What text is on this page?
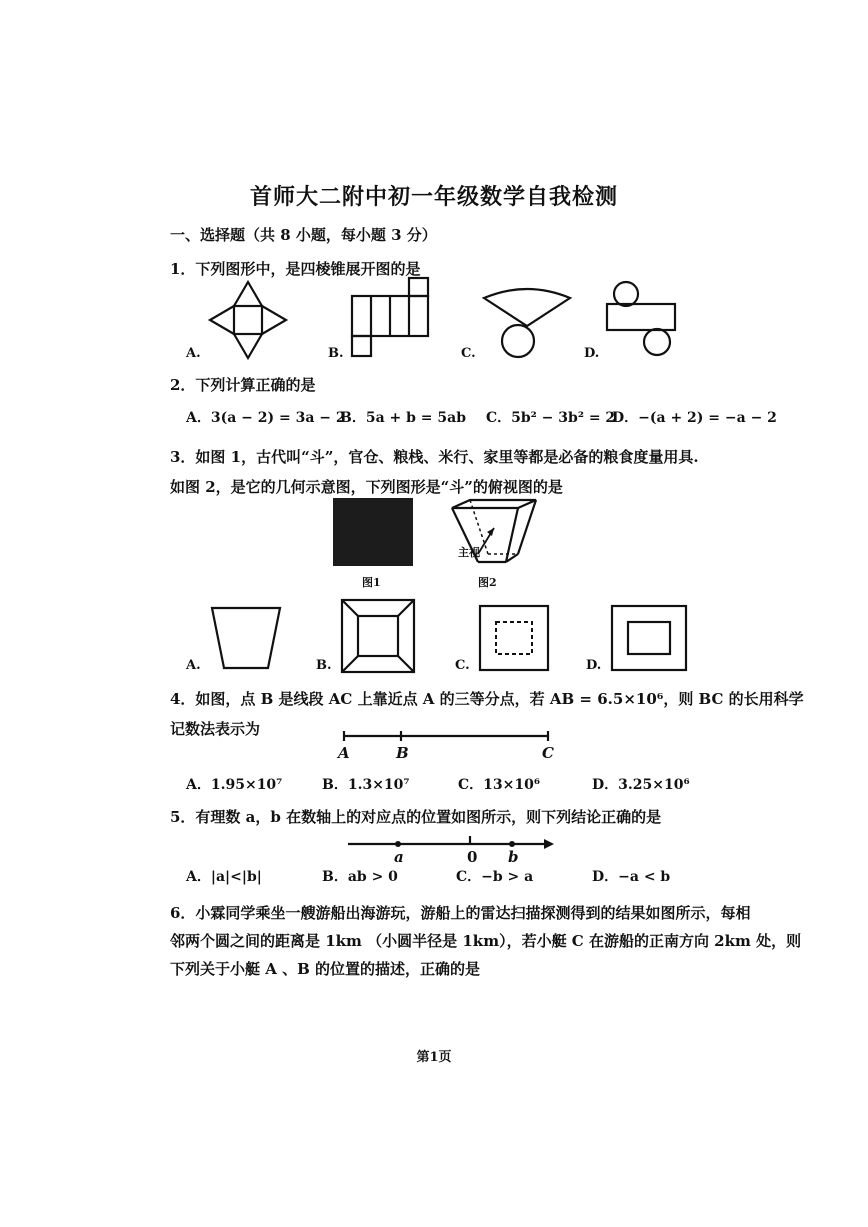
首师大二附中初一年级数学自我检测
一、选择题（共 8 小题，每小题 3 分）
1．下列图形中，是四棱锥展开图的是
A.	B.	C.	D.
2．下列计算正确的是
A．3(a − 2) = 3a − 2
B．5a + b = 5ab C．5b² − 3b² = 2
D．−(a + 2) = −a − 2
3．如图 1，古代叫“斗”，官仓、粮栈、米行、家里等都是必备的粮食度量用具.
如图 2，是它的几何示意图，下列图形是“斗”的俯视图的是
图1
主视
图2
A.	B.	C.	D.
4．如图，点 B 是线段 AC 上靠近点 A 的三等分点，若 AB = 6.5×10⁶，则 BC 的长用科学
记数法表示为
A	B	C
A．1.95×10⁷	B．1.3×10⁷	C．13×10⁶	D．3.25×10⁶
5．有理数 a，b 在数轴上的对应点的位置如图所示，则下列结论正确的是
a	0 b
A．|a|<|b|	B．ab > 0	C．−b > a	D．−a < b
6．小霖同学乘坐一艘游船出海游玩，游船上的雷达扫描探测得到的结果如图所示，每相
邻两个圆之间的距离是 1km （小圆半径是 1km），若小艇 C 在游船的正南方向 2km 处，则
下列关于小艇 A 、B 的位置的描述，正确的是
第1页
